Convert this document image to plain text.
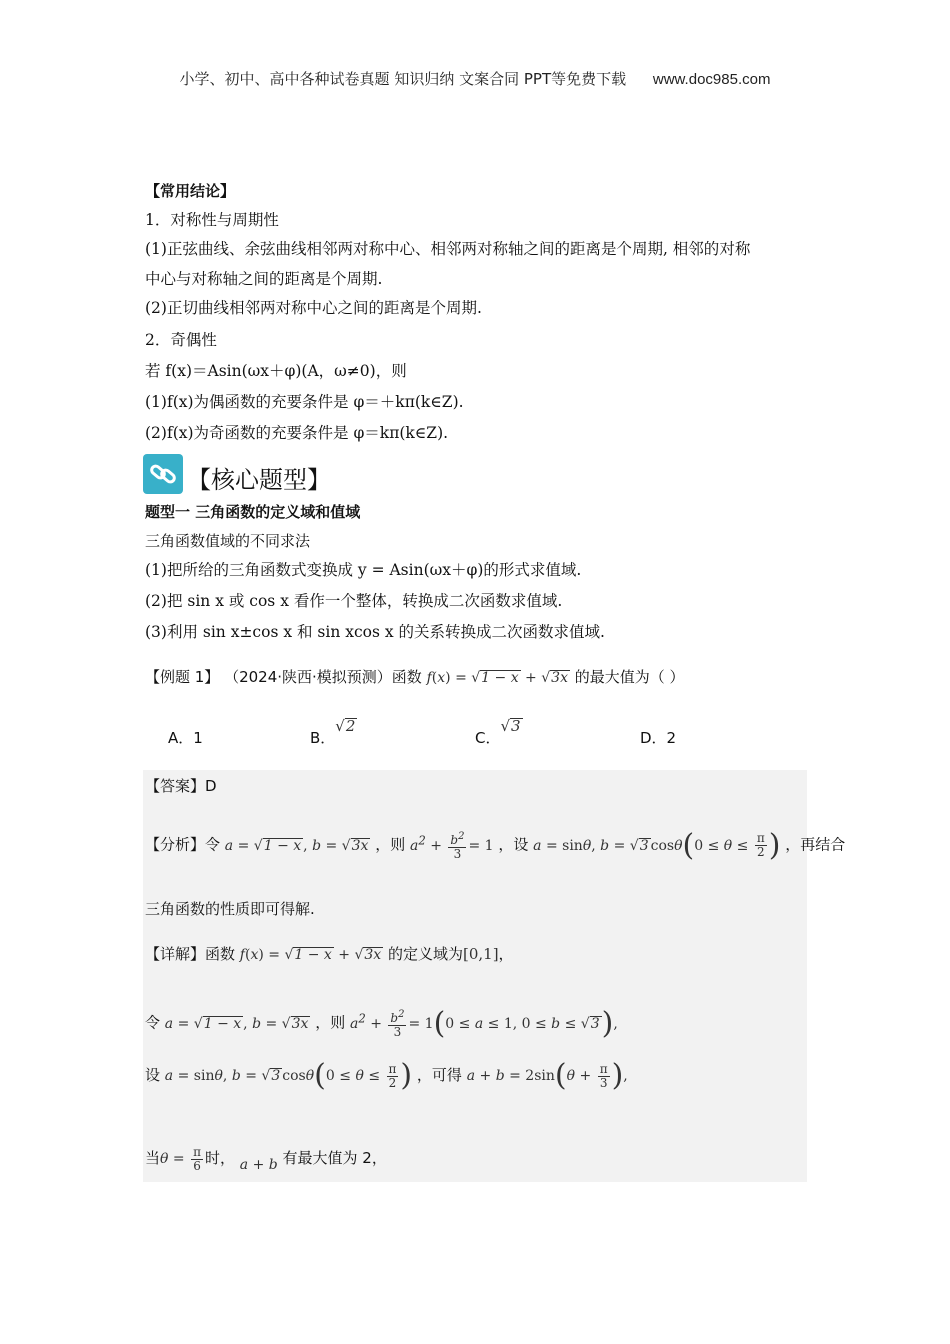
小学、初中、高中各种试卷真题 知识归纳 文案合同 PPT等免费下载 www.doc985.com
【常用结论】
1．对称性与周期性
(1)正弦曲线、余弦曲线相邻两对称中心、相邻两对称轴之间的距离是个周期, 相邻的对称
中心与对称轴之间的距离是个周期.
(2)正切曲线相邻两对称中心之间的距离是个周期.
2．奇偶性
若 f(x)＝Asin(ωx＋φ)(A，ω≠0)，则
(1)f(x)为偶函数的充要条件是 φ＝＋kπ(k∈Z).
(2)f(x)为奇函数的充要条件是 φ＝kπ(k∈Z).
【核心题型】
题型一 三角函数的定义域和值域
三角函数值域的不同求法
(1)把所给的三角函数式变换成 y = Asin(ωx＋φ)的形式求值域.
(2)把 sin x 或 cos x 看作一个整体，转换成二次函数求值域.
(3)利用 sin x±cos x 和 sin xcos x 的关系转换成二次函数求值域.
【例题 1】 （2024·陕西·模拟预测）函数 f(x) = √1 − x + √3x 的最大值为（ ）
A．1	B．√2
C．√3
D．2
【答案】D
【分析】令 a = √1 − x , b = √3x ，则 $a^2 + \frac{b^2}{3} = 1$ ，设 a = sinθ, b = √3 $\cos\theta(0 \le \theta \le \frac{\pi}{2}$ ) ，再结合
三角函数的性质即可得解.
【详解】函数 f(x) = √1 − x + √3x 的定义域为[0,1]，
令 a = √1 − x , b = √3x ，则 $a^2 + \frac{b^2}{3} = 1(0 \le a \le 1$, 0 ≤ b ≤ √3),
设 a = sinθ, b = √3 $\cos\theta(0 \le \theta \le \frac{\pi}{2}$ ) ，可得 $a + b = 2\sin(\theta + \frac{\pi}{3}$ ),
当$\theta = \frac{\pi}{6}$ 时， a + b 有最大值为 2，
